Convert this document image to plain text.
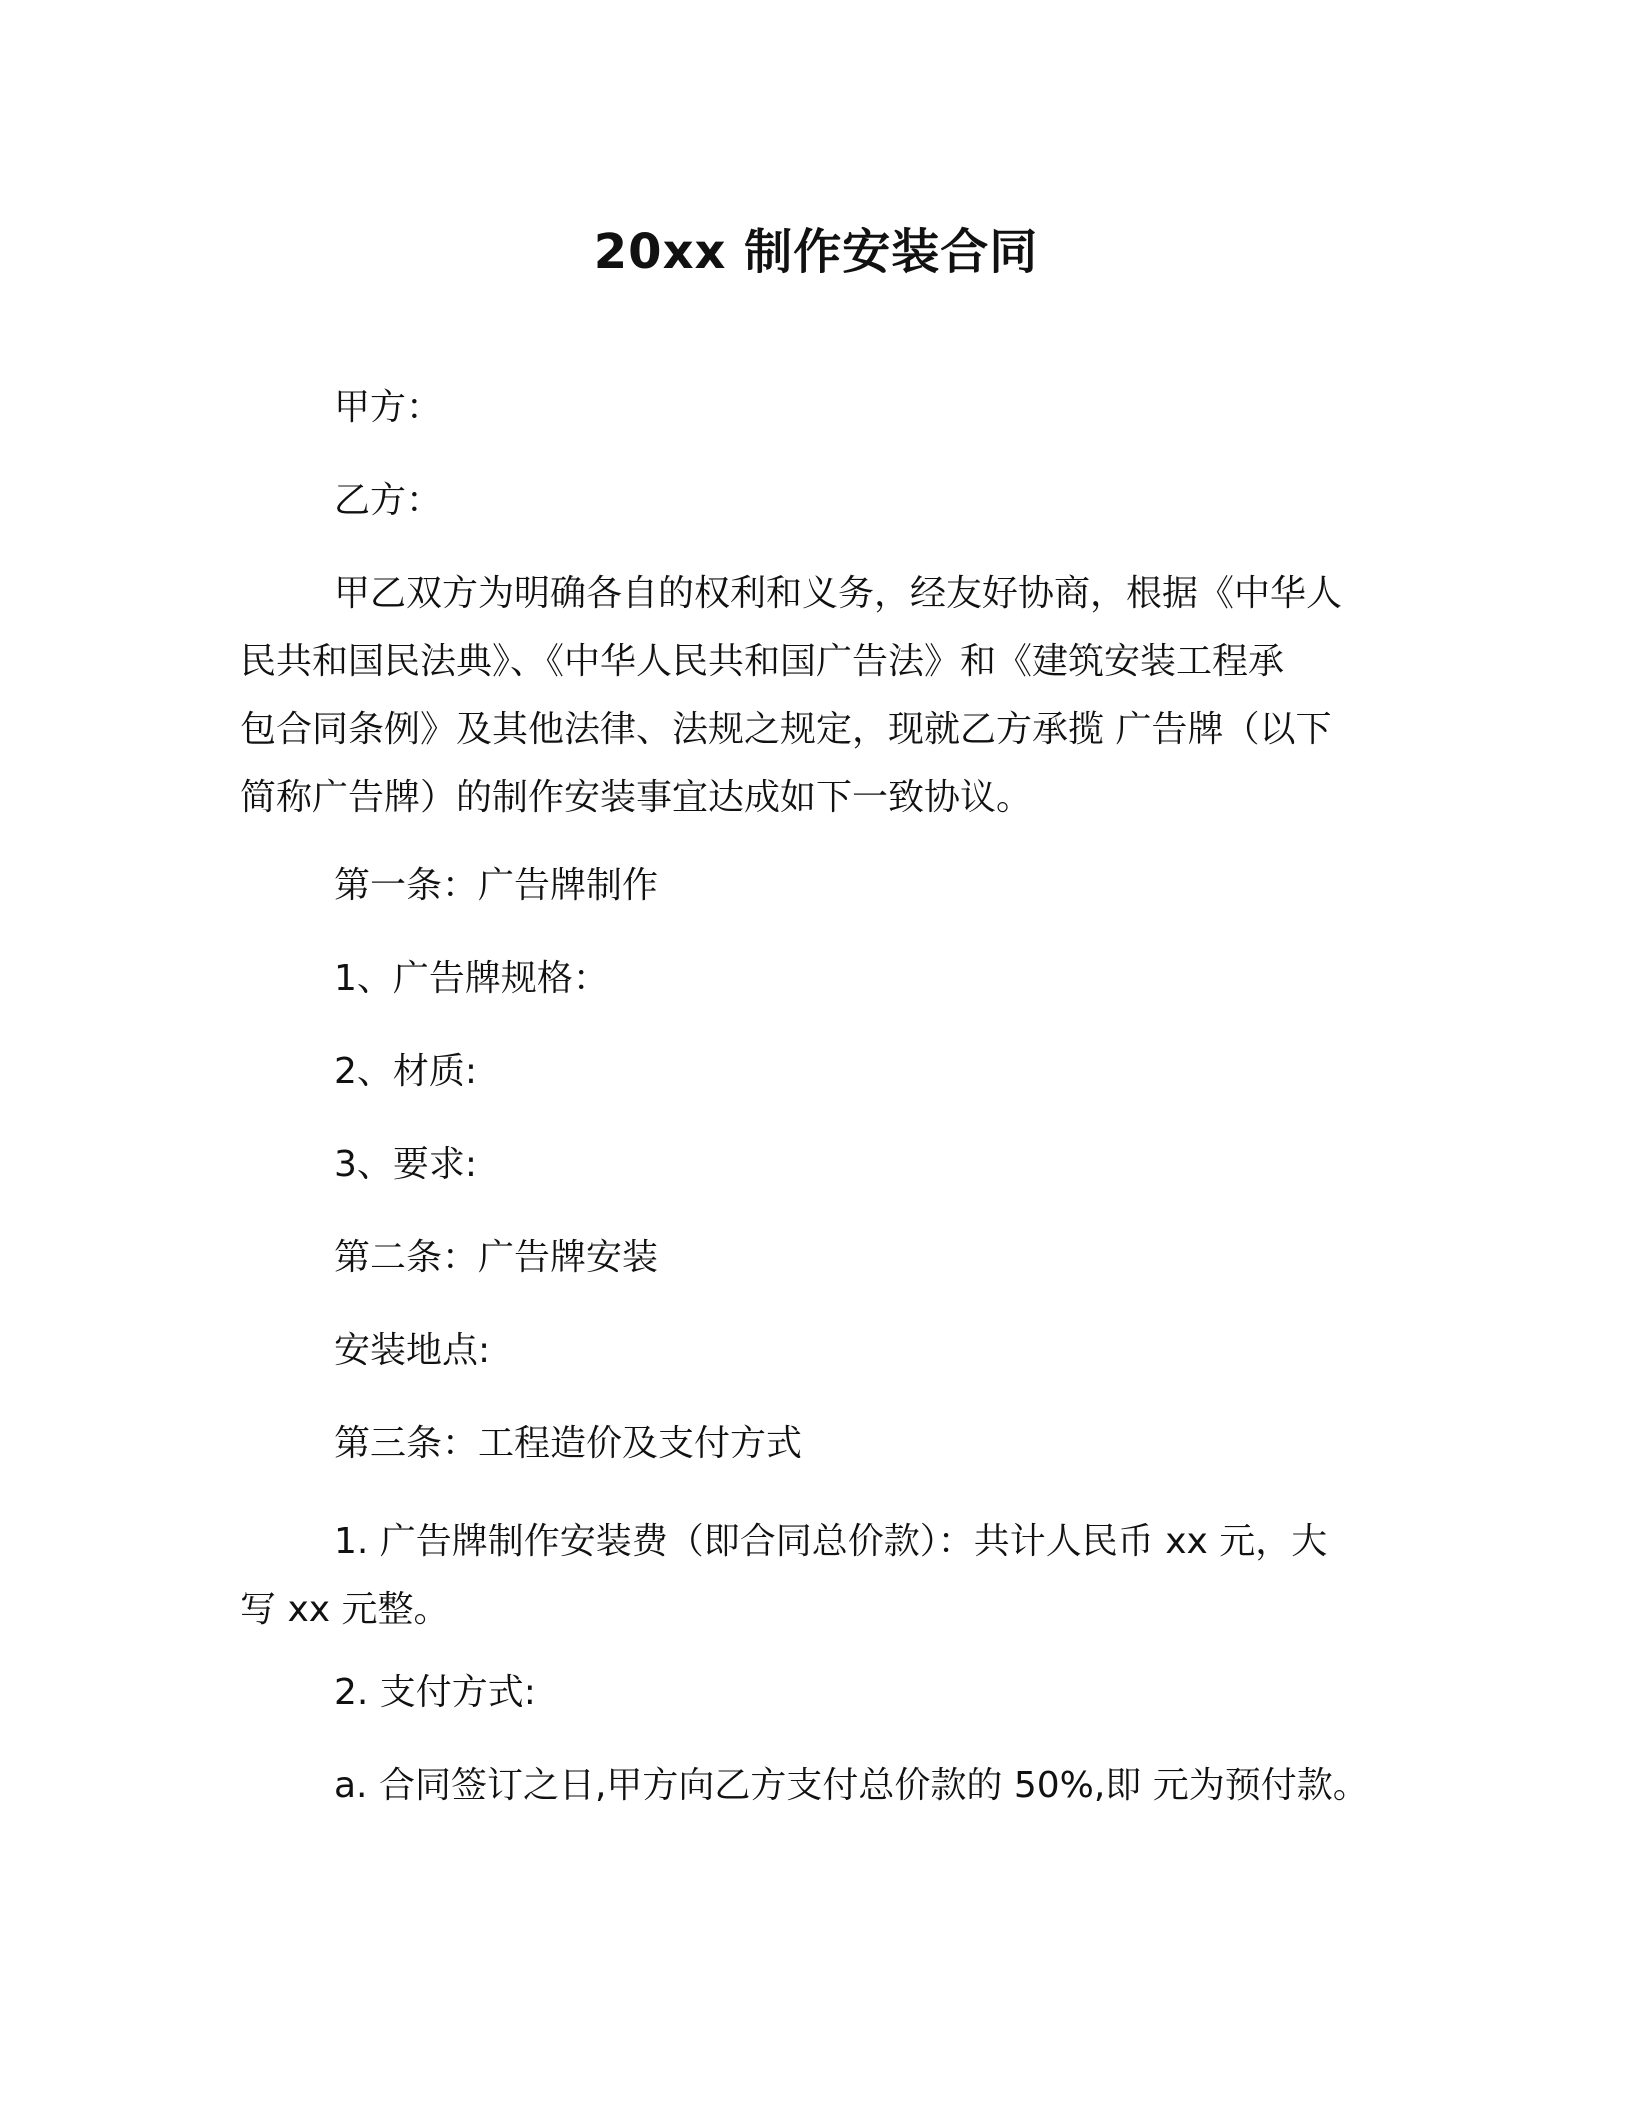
20xx 制作安装合同
甲方：
乙方：
甲乙双方为明确各自的权利和义务，经友好协商，根据《中华人
民共和国民法典》、《中华人民共和国广告法》和《建筑安装工程承
包合同条例》及其他法律、法规之规定，现就乙方承揽 广告牌（以下
简称广告牌）的制作安装事宜达成如下一致协议。
第一条：广告牌制作
1、广告牌规格：
2、材质:
3、要求:
第二条：广告牌安装
安装地点:
第三条：工程造价及支付方式
1. 广告牌制作安装费（即合同总价款）：共计人民币 xx 元，大
写 xx 元整。
2. 支付方式:
a. 合同签订之日,甲方向乙方支付总价款的 50%,即 元为预付款。
